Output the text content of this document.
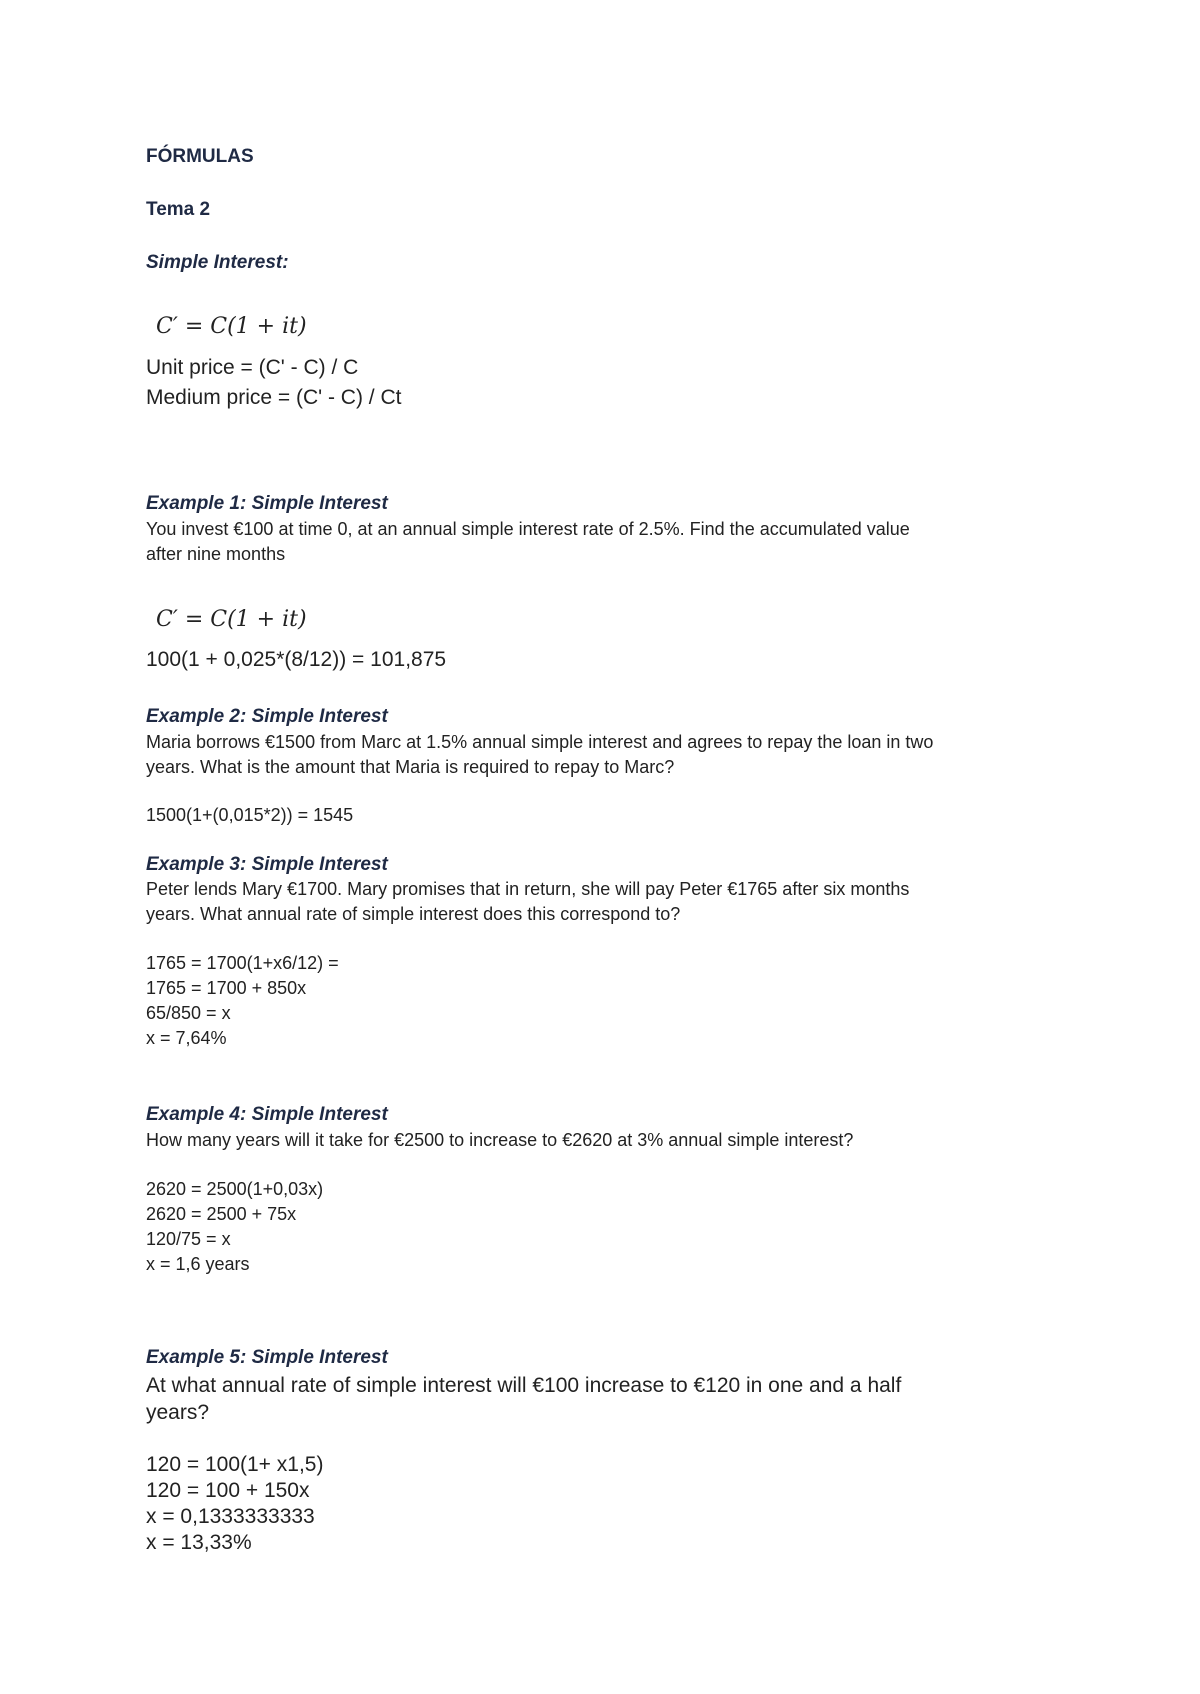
FÓRMULAS
Tema 2
Simple Interest:
C′ = C(1 + it)
Unit price = (C' - C) / C
Medium price = (C' - C) / Ct
Example 1: Simple Interest
You invest €100 at time 0, at an annual simple interest rate of 2.5%. Find the accumulated value after nine months
C′ = C(1 + it)
100(1 + 0,025*(8/12)) = 101,875
Example 2: Simple Interest
Maria borrows €1500 from Marc at 1.5% annual simple interest and agrees to repay the loan in two years. What is the amount that Maria is required to repay to Marc?
1500(1+(0,015*2)) = 1545
Example 3: Simple Interest
Peter lends Mary €1700. Mary promises that in return, she will pay Peter €1765 after six months years. What annual rate of simple interest does this correspond to?
1765 = 1700(1+x6/12) =
1765 = 1700 + 850x
65/850 = x
x = 7,64%
Example 4: Simple Interest
How many years will it take for €2500 to increase to €2620 at 3% annual simple interest?
2620 = 2500(1+0,03x)
2620 = 2500 + 75x
120/75 = x
x = 1,6 years
Example 5: Simple Interest
At what annual rate of simple interest will €100 increase to €120 in one and a half years?
120 = 100(1+ x1,5)
120 = 100 + 150x
x = 0,1333333333
x = 13,33%
